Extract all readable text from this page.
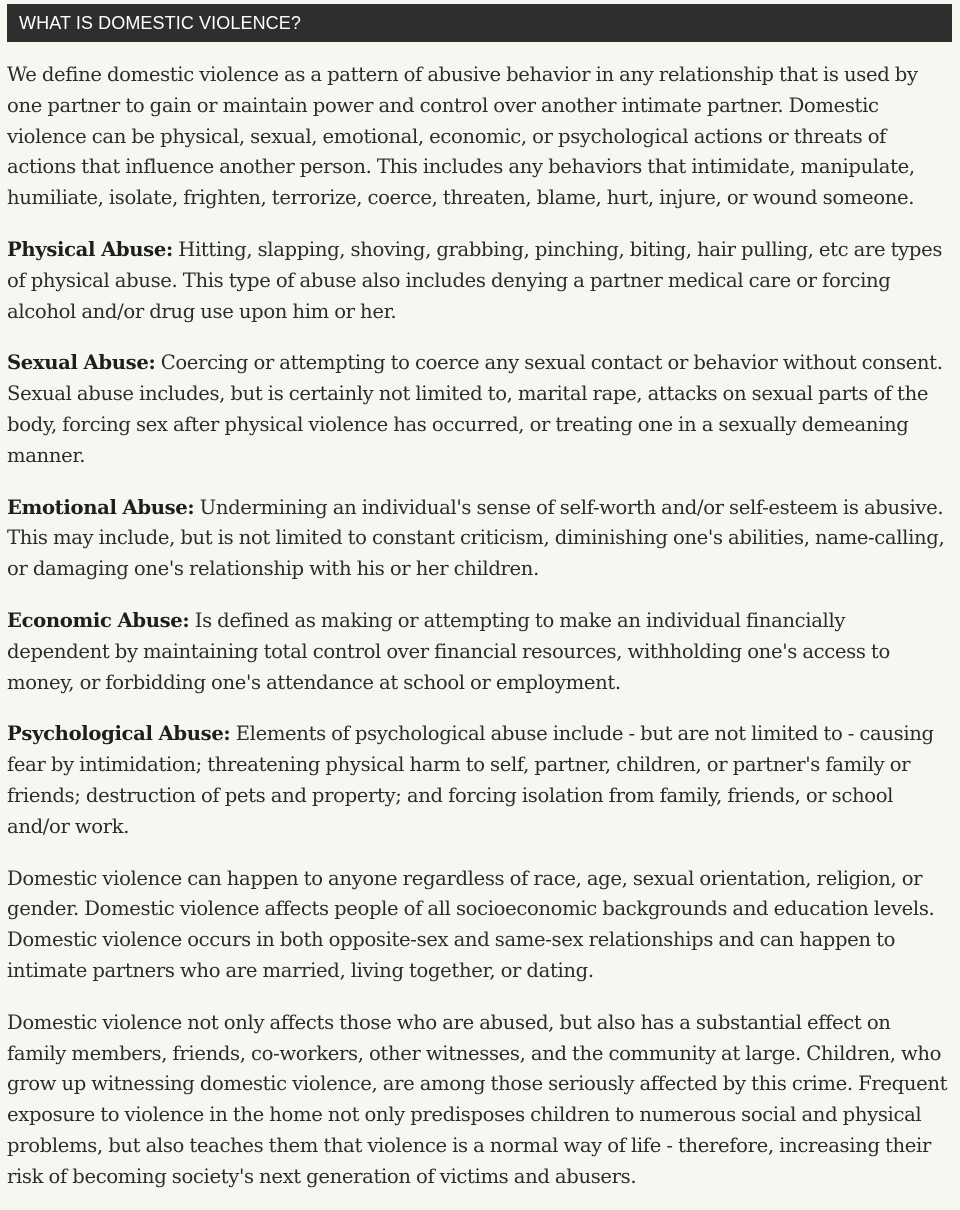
WHAT IS DOMESTIC VIOLENCE?

We define domestic violence as a pattern of abusive behavior in any relationship that is used by one partner to gain or maintain power and control over another intimate partner. Domestic violence can be physical, sexual, emotional, economic, or psychological actions or threats of actions that influence another person. This includes any behaviors that intimidate, manipulate, humiliate, isolate, frighten, terrorize, coerce, threaten, blame, hurt, injure, or wound someone.

Physical Abuse: Hitting, slapping, shoving, grabbing, pinching, biting, hair pulling, etc are types of physical abuse. This type of abuse also includes denying a partner medical care or forcing alcohol and/or drug use upon him or her.

Sexual Abuse: Coercing or attempting to coerce any sexual contact or behavior without consent. Sexual abuse includes, but is certainly not limited to, marital rape, attacks on sexual parts of the body, forcing sex after physical violence has occurred, or treating one in a sexually demeaning manner.

Emotional Abuse: Undermining an individual's sense of self-worth and/or self-esteem is abusive. This may include, but is not limited to constant criticism, diminishing one's abilities, name-calling, or damaging one's relationship with his or her children.

Economic Abuse: Is defined as making or attempting to make an individual financially dependent by maintaining total control over financial resources, withholding one's access to money, or forbidding one's attendance at school or employment.

Psychological Abuse: Elements of psychological abuse include - but are not limited to - causing fear by intimidation; threatening physical harm to self, partner, children, or partner's family or friends; destruction of pets and property; and forcing isolation from family, friends, or school and/or work.

Domestic violence can happen to anyone regardless of race, age, sexual orientation, religion, or gender. Domestic violence affects people of all socioeconomic backgrounds and education levels. Domestic violence occurs in both opposite-sex and same-sex relationships and can happen to intimate partners who are married, living together, or dating.

Domestic violence not only affects those who are abused, but also has a substantial effect on family members, friends, co-workers, other witnesses, and the community at large. Children, who grow up witnessing domestic violence, are among those seriously affected by this crime. Frequent exposure to violence in the home not only predisposes children to numerous social and physical problems, but also teaches them that violence is a normal way of life - therefore, increasing their risk of becoming society's next generation of victims and abusers.
